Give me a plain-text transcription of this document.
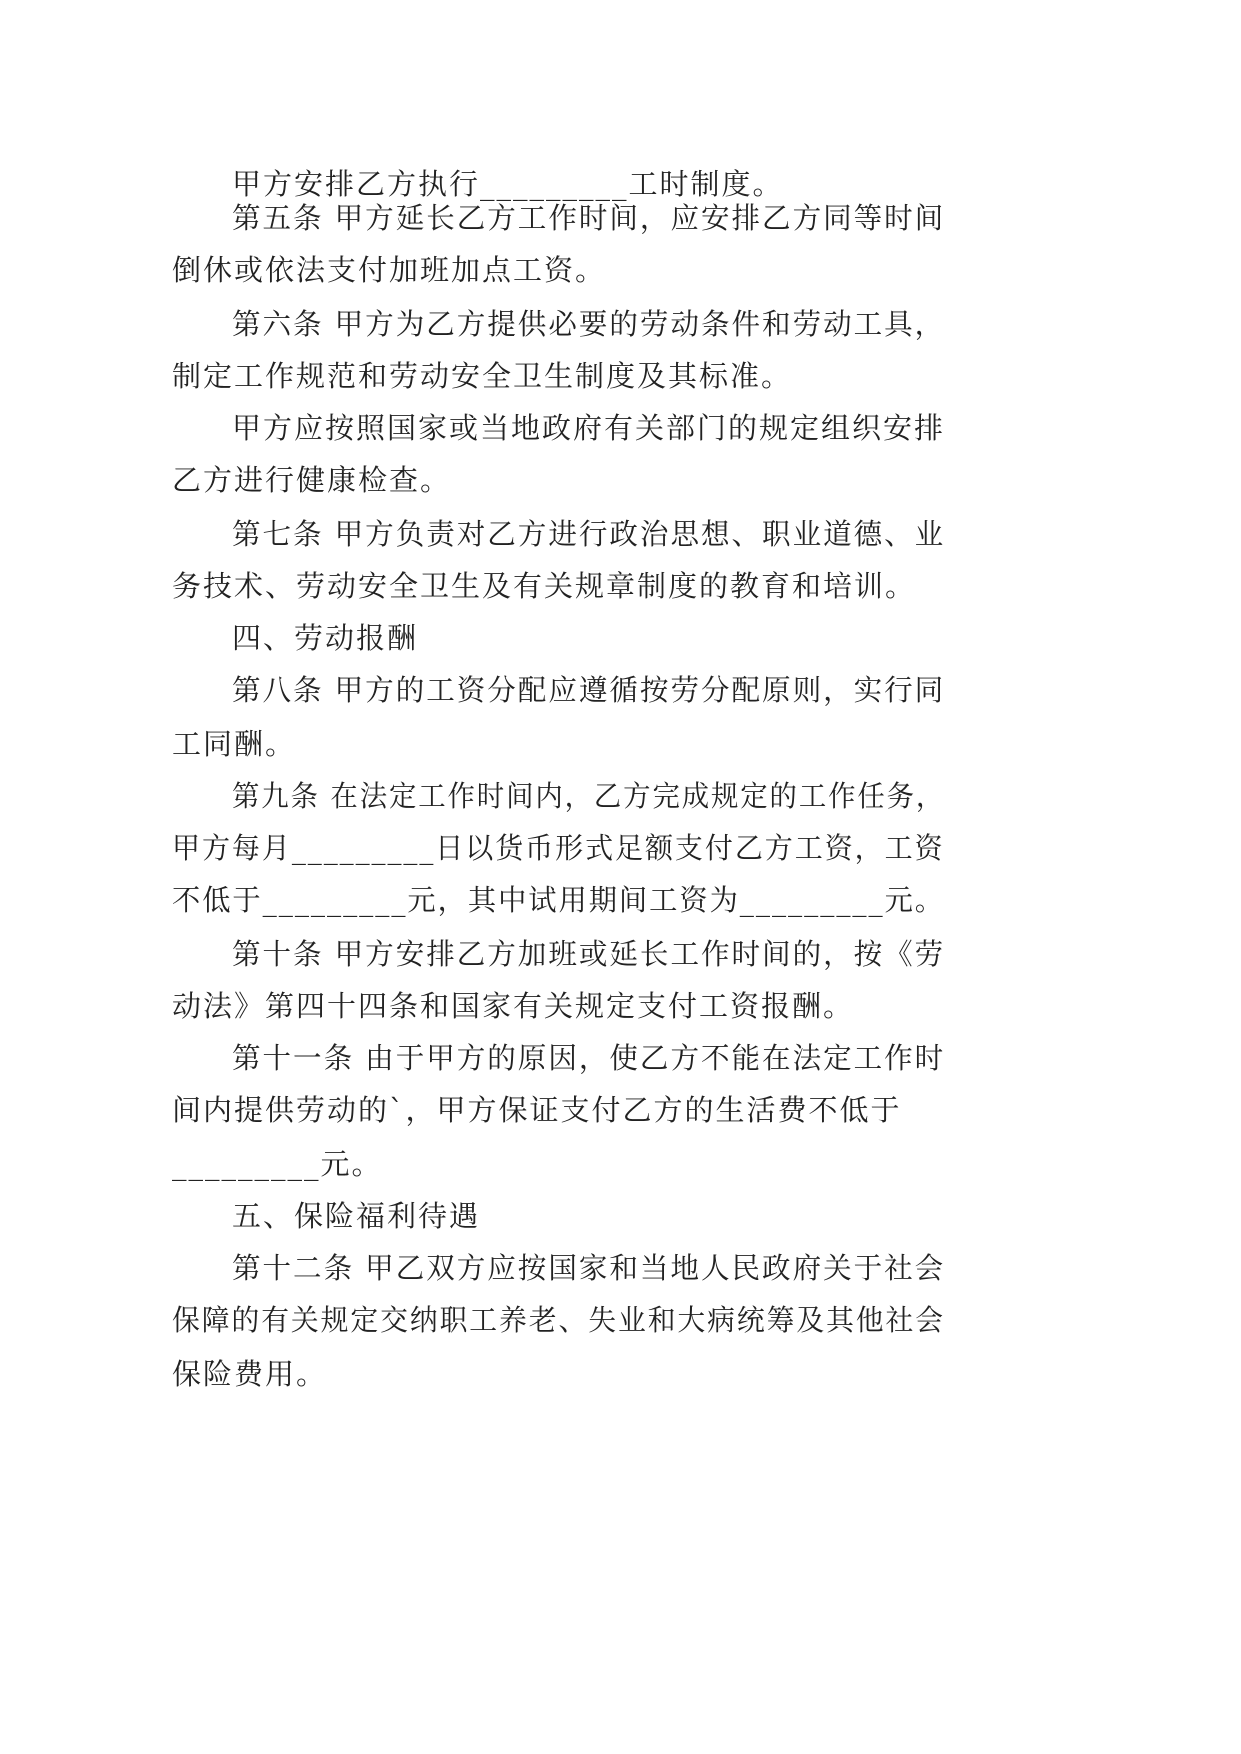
甲方安排乙方执行_________工时制度。
第五条 甲方延长乙方工作时间，应安排乙方同等时间
倒休或依法支付加班加点工资。
第六条 甲方为乙方提供必要的劳动条件和劳动工具，
制定工作规范和劳动安全卫生制度及其标准。
甲方应按照国家或当地政府有关部门的规定组织安排
乙方进行健康检查。
第七条 甲方负责对乙方进行政治思想、职业道德、业
务技术、劳动安全卫生及有关规章制度的教育和培训。
四、劳动报酬
第八条 甲方的工资分配应遵循按劳分配原则，实行同
工同酬。
第九条 在法定工作时间内，乙方完成规定的工作任务，
甲方每月_________日以货币形式足额支付乙方工资，工资
不低于_________元，其中试用期间工资为_________元。
第十条 甲方安排乙方加班或延长工作时间的，按《劳
动法》第四十四条和国家有关规定支付工资报酬。
第十一条 由于甲方的原因，使乙方不能在法定工作时
间内提供劳动的`，甲方保证支付乙方的生活费不低于
_________元。
五、保险福利待遇
第十二条 甲乙双方应按国家和当地人民政府关于社会
保障的有关规定交纳职工养老、失业和大病统筹及其他社会
保险费用。
